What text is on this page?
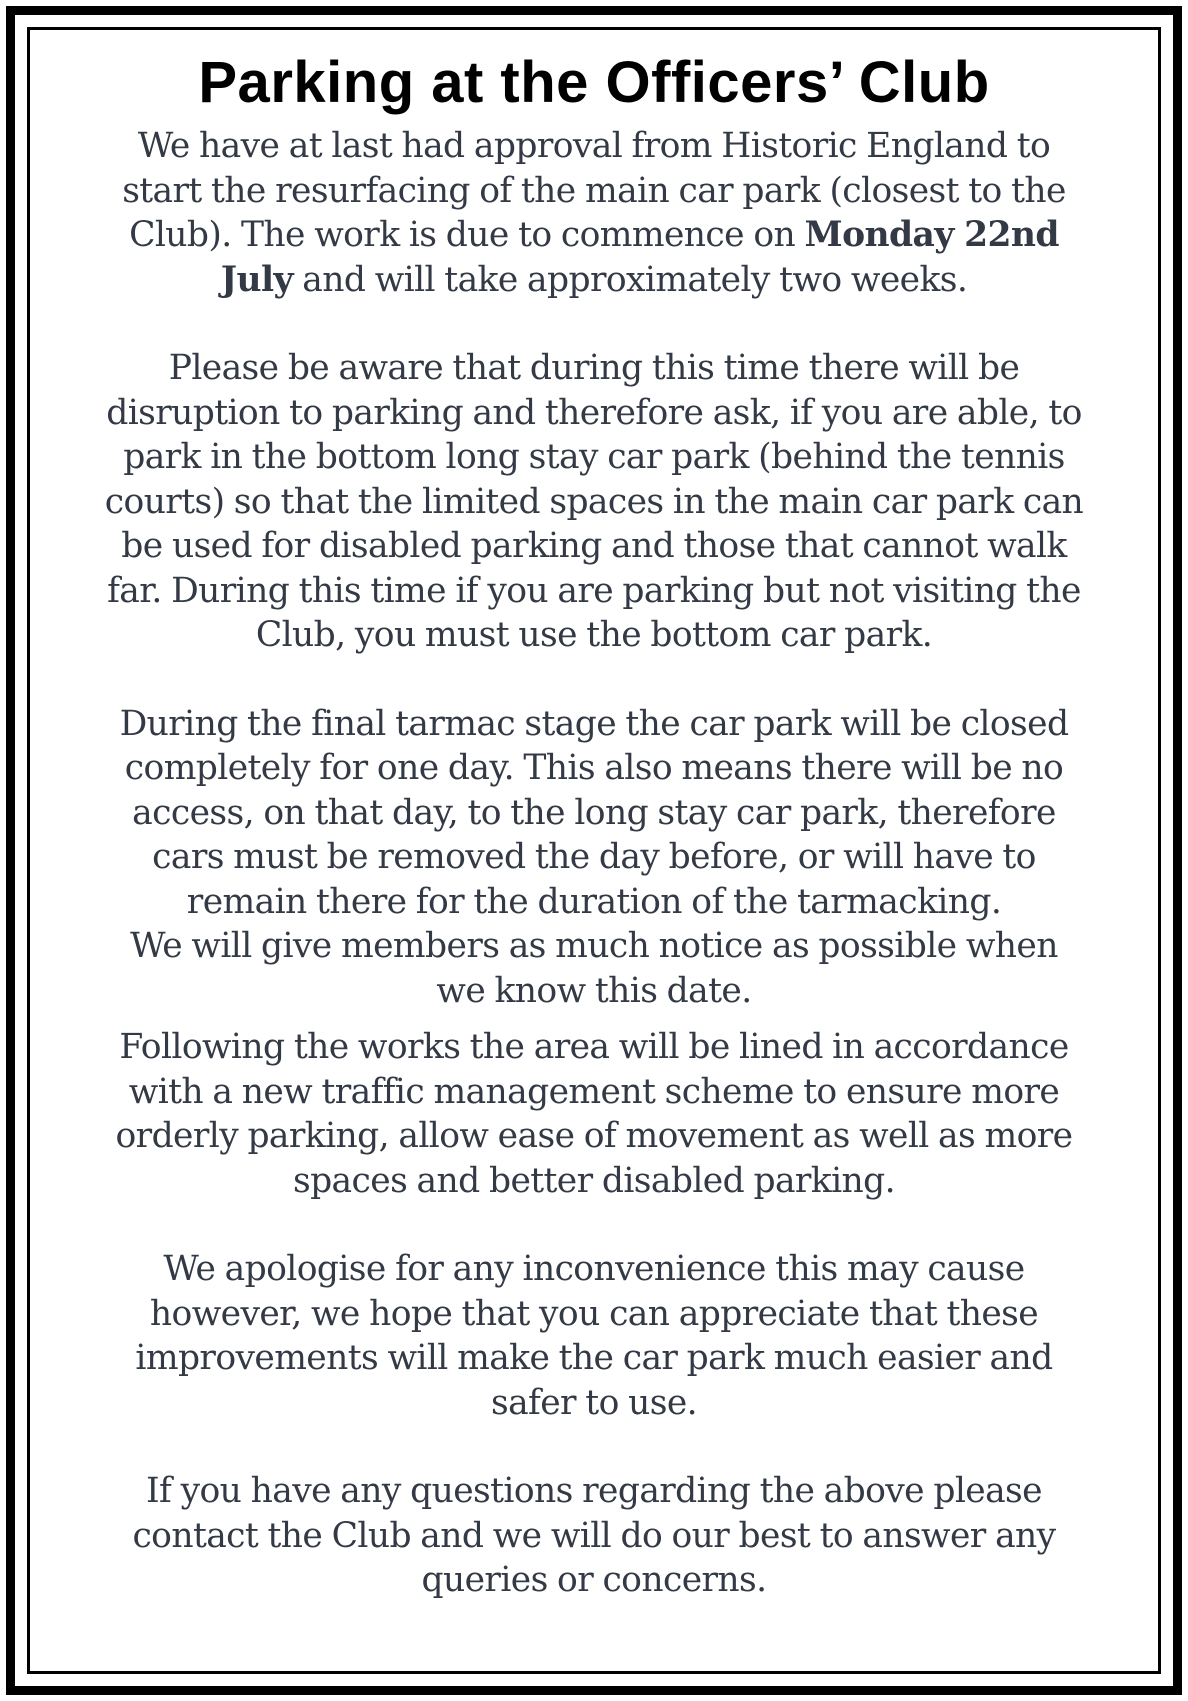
Parking at the Officers’ Club

We have at last had approval from Historic England to
start the resurfacing of the main car park (closest to the
Club). The work is due to commence on Monday 22nd
July and will take approximately two weeks.

Please be aware that during this time there will be
disruption to parking and therefore ask, if you are able, to
park in the bottom long stay car park (behind the tennis
courts) so that the limited spaces in the main car park can
be used for disabled parking and those that cannot walk
far. During this time if you are parking but not visiting the
Club, you must use the bottom car park.

During the final tarmac stage the car park will be closed
completely for one day. This also means there will be no
access, on that day, to the long stay car park, therefore
cars must be removed the day before, or will have to
remain there for the duration of the tarmacking.
We will give members as much notice as possible when
we know this date.

Following the works the area will be lined in accordance
with a new traffic management scheme to ensure more
orderly parking, allow ease of movement as well as more
spaces and better disabled parking.

We apologise for any inconvenience this may cause
however, we hope that you can appreciate that these
improvements will make the car park much easier and
safer to use.

If you have any questions regarding the above please
contact the Club and we will do our best to answer any
queries or concerns.
